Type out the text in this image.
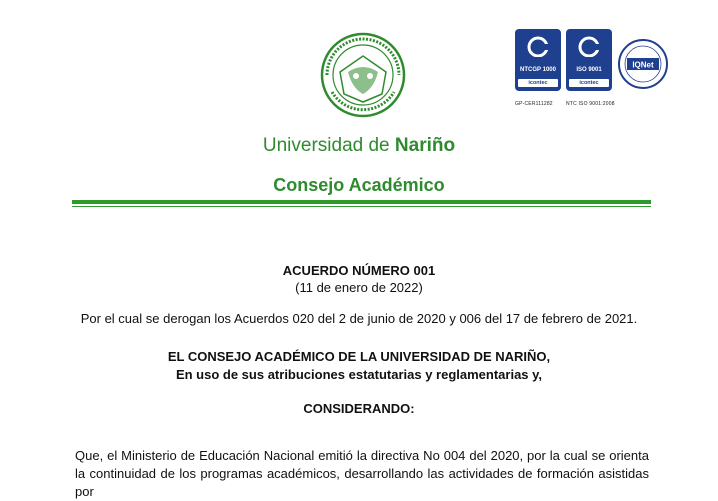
NTCGP 1000
icontec
GP-CER111282
ISO 9001
icontec
NTC ISO 9001:2008
IQNet
Universidad de Nariño
Consejo Académico
ACUERDO NÚMERO 001
(11 de enero de 2022)
Por el cual se derogan los Acuerdos 020 del 2 de junio de 2020 y 006 del 17 de febrero de 2021.
EL CONSEJO ACADÉMICO DE LA UNIVERSIDAD DE NARIÑO,
En uso de sus atribuciones estatutarias y reglamentarias y,
CONSIDERANDO:
Que, el Ministerio de Educación Nacional emitió la directiva No 004 del 2020, por la cual se orienta la continuidad de los programas académicos, desarrollando las actividades de formación asistidas por
